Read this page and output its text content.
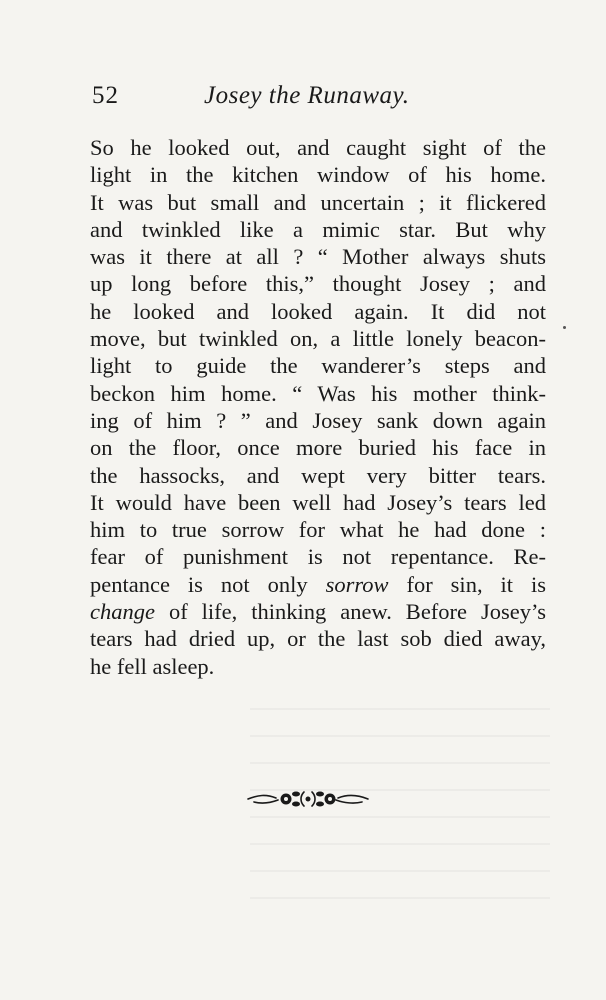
52	Josey the Runaway.
So he looked out, and caught sight of the
light in the kitchen window of his home.
It was but small and uncertain ; it flickered
and twinkled like a mimic star. But why
was it there at all ? “ Mother always shuts
up long before this,” thought Josey ; and
he looked and looked again. It did not
move, but twinkled on, a little lonely beacon-
light to guide the wanderer’s steps and
beckon him home. “ Was his mother think-
ing of him ? ” and Josey sank down again
on the floor, once more buried his face in
the hassocks, and wept very bitter tears.
It would have been well had Josey’s tears led
him to true sorrow for what he had done :
fear of punishment is not repentance. Re-
pentance is not only sorrow for sin, it is
change of life, thinking anew. Before Josey’s
tears had dried up, or the last sob died away,
he fell asleep.
